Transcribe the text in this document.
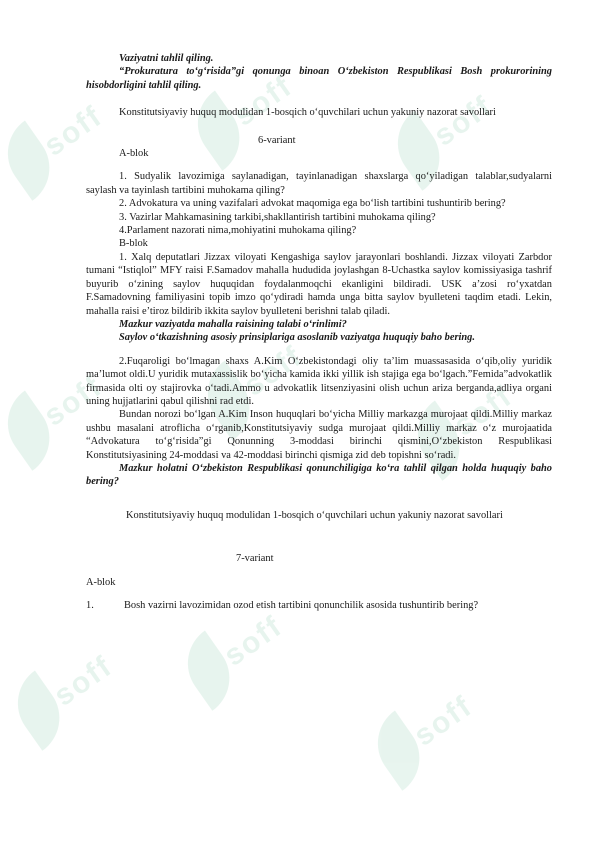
soff	soff	soff
soff	soff
soff
soff
soff
soff

Vaziyatni tahlil qiling.

“Prokuratura to‘g‘risida”gi qonunga binoan O‘zbekiston Respublikasi Bosh prokurorining hisobdorligini tahlil qiling.

Konstitutsiyaviy huquq modulidan 1-bosqich o‘quvchilari uchun yakuniy nazorat savollari

6-variant

A-blok

1. Sudyalik lavozimiga saylanadigan, tayinlanadigan shaxslarga qo‘yiladigan talablar,sudyalarni saylash va tayinlash tartibini muhokama qiling?

2. Advokatura va uning vazifalari advokat maqomiga ega bo‘lish tartibini tushuntirib bering?

3. Vazirlar Mahkamasining tarkibi,shakllantirish tartibini muhokama qiling?

4.Parlament nazorati nima,mohiyatini muhokama qiling?

B-blok

1. Xalq deputatlari Jizzax viloyati Kengashiga saylov jarayonlari boshlandi. Jizzax viloyati Zarbdor tumani “Istiqlol” MFY raisi F.Samadov mahalla hududida joylashgan 8-Uchastka saylov komissiyasiga tashrif buyurib o‘zining saylov huquqidan foydalanmoqchi ekanligini bildiradi. USK a’zosi ro‘yxatdan F.Samadovning familiyasini topib imzo qo‘ydiradi hamda unga bitta saylov byulleteni taqdim etadi. Lekin, mahalla raisi e’tiroz bildirib ikkita saylov byulleteni berishni talab qiladi.

Mazkur vaziyatda mahalla raisining talabi o‘rinlimi?

Saylov o‘tkazishning asosiy prinsiplariga asoslanib vaziyatga huquqiy baho bering.

2.Fuqaroligi bo‘lmagan shaxs A.Kim O‘zbekistondagi oliy ta’lim muassasasida o‘qib,oliy yuridik ma’lumot oldi.U yuridik mutaxassislik bo‘yicha kamida ikki yillik ish stajiga ega bo‘lgach.”Femida”advokatlik firmasida olti oy stajirovka o‘tadi.Ammo u advokatlik litsenziyasini olish uchun ariza berganda,adliya organi uning hujjatlarini qabul qilishni rad etdi.

Bundan norozi bo‘lgan A.Kim Inson huquqlari bo‘yicha Milliy markazga murojaat qildi.Milliy markaz ushbu masalani atroflicha o‘rganib,Konstitutsiyaviy sudga murojaat qildi.Milliy markaz o‘z murojaatida “Advokatura to‘g‘risida”gi Qonunning 3-moddasi birinchi qismini,O‘zbekiston Respublikasi Konstitutsiyasining 24-moddasi va 42-moddasi birinchi qismiga zid deb topishni so‘radi.

Mazkur holatni O‘zbekiston Respublikasi qonunchiligiga ko‘ra tahlil qilgan holda huquqiy baho bering?

Konstitutsiyaviy huquq modulidan 1-bosqich o‘quvchilari uchun yakuniy nazorat savollari

7-variant

A-blok

1.	Bosh vazirni lavozimidan ozod etish tartibini qonunchilik asosida tushuntirib bering?
